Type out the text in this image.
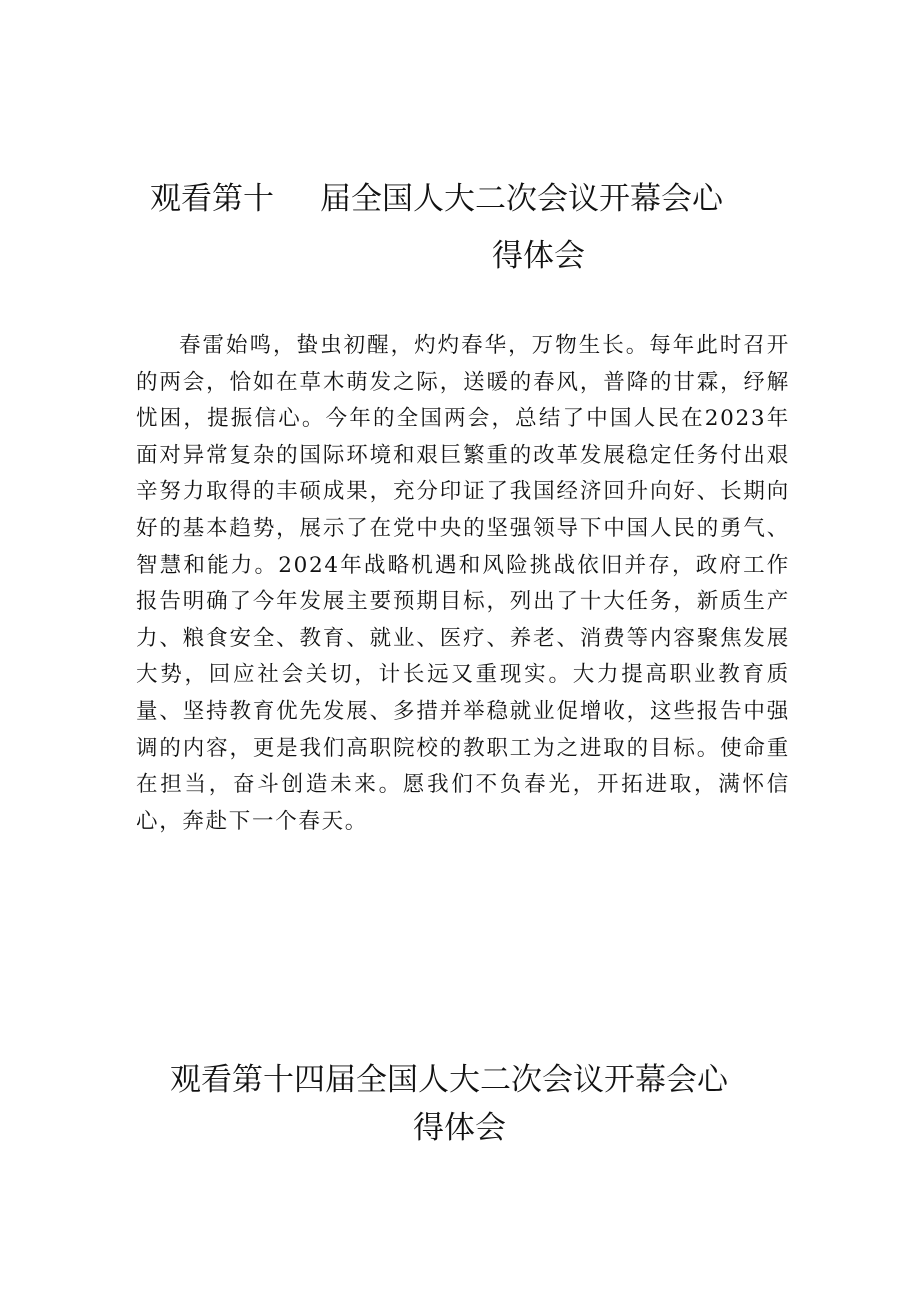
观看第十 届全国人大二次会议开幕会心
得体会

春雷始鸣，蛰虫初醒，灼灼春华，万物生长。每年此时召开的两会，恰如在草木萌发之际，送暖的春风，普降的甘霖，纾解忧困，提振信心。今年的全国两会，总结了中国人民在2023年面对异常复杂的国际环境和艰巨繁重的改革发展稳定任务付出艰辛努力取得的丰硕成果，充分印证了我国经济回升向好、长期向好的基本趋势，展示了在党中央的坚强领导下中国人民的勇气、智慧和能力。2024年战略机遇和风险挑战依旧并存，政府工作报告明确了今年发展主要预期目标，列出了十大任务，新质生产力、粮食安全、教育、就业、医疗、养老、消费等内容聚焦发展大势，回应社会关切，计长远又重现实。大力提高职业教育质量、坚持教育优先发展、多措并举稳就业促增收，这些报告中强调的内容，更是我们高职院校的教职工为之进取的目标。使命重在担当，奋斗创造未来。愿我们不负春光，开拓进取，满怀信心，奔赴下一个春天。

观看第十四届全国人大二次会议开幕会心
得体会
